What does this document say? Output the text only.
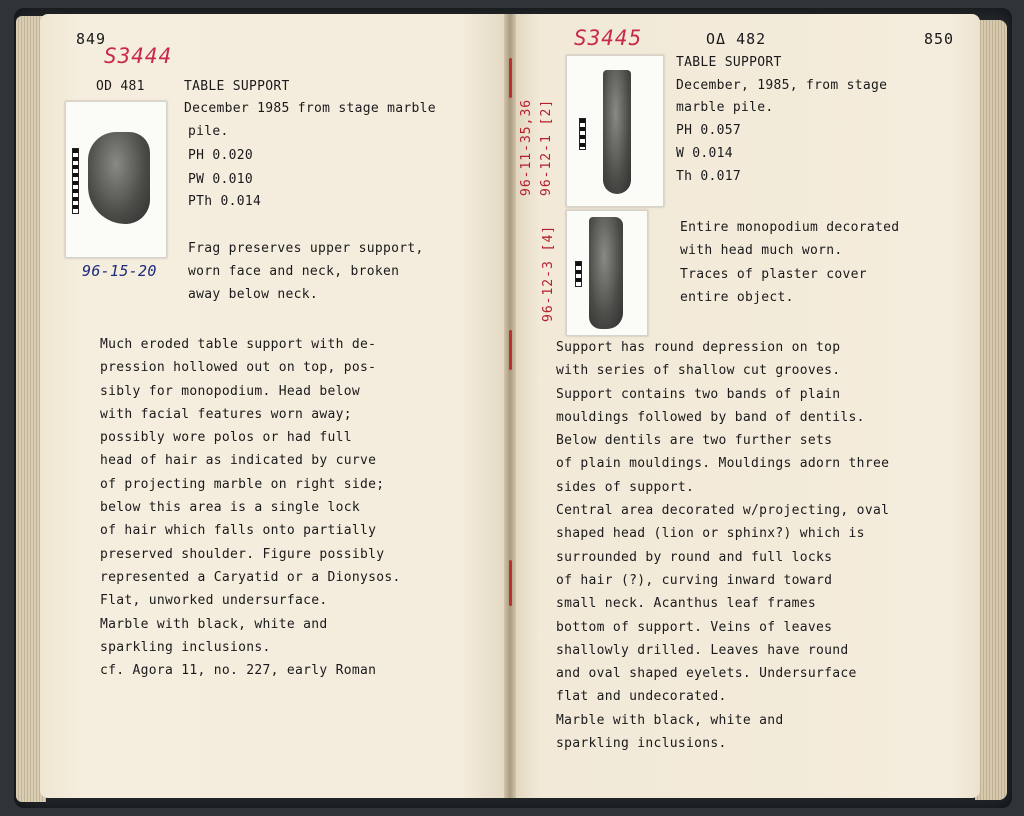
849

S3444

OD 481	TABLE SUPPORT

December 1985 from stage marble

pile.

PH 0.020

PW 0.010

PTh 0.014

96-15-20

Frag preserves upper support,

worn face and neck, broken

away below neck.

Much eroded table support with de-

pression hollowed out on top, pos-

sibly for monopodium. Head below

with facial features worn away;

possibly wore polos or had full

head of hair as indicated by curve

of projecting marble on right side;

below this area is a single lock

of hair which falls onto partially

preserved shoulder. Figure possibly

represented a Caryatid or a Dionysos.

Flat, unworked undersurface.

Marble with black, white and

sparkling inclusions.

cf. Agora 11, no. 227, early Roman

S3445	OΔ 482	850

TABLE SUPPORT

December, 1985, from stage

marble pile.

PH 0.057

W 0.014

Th 0.017

96-11-35,36 96-12-1 [2]
96-12-3 [4]	Entire monopodium decorated

with head much worn.

Traces of plaster cover

entire object.

Support has round depression on top

with series of shallow cut grooves.

Support contains two bands of plain

mouldings followed by band of dentils.

Below dentils are two further sets

of plain mouldings. Mouldings adorn three

sides of support.

Central area decorated w/projecting, oval

shaped head (lion or sphinx?) which is

surrounded by round and full locks

of hair (?), curving inward toward

small neck. Acanthus leaf frames

bottom of support. Veins of leaves

shallowly drilled. Leaves have round

and oval shaped eyelets. Undersurface

flat and undecorated.

Marble with black, white and

sparkling inclusions.
